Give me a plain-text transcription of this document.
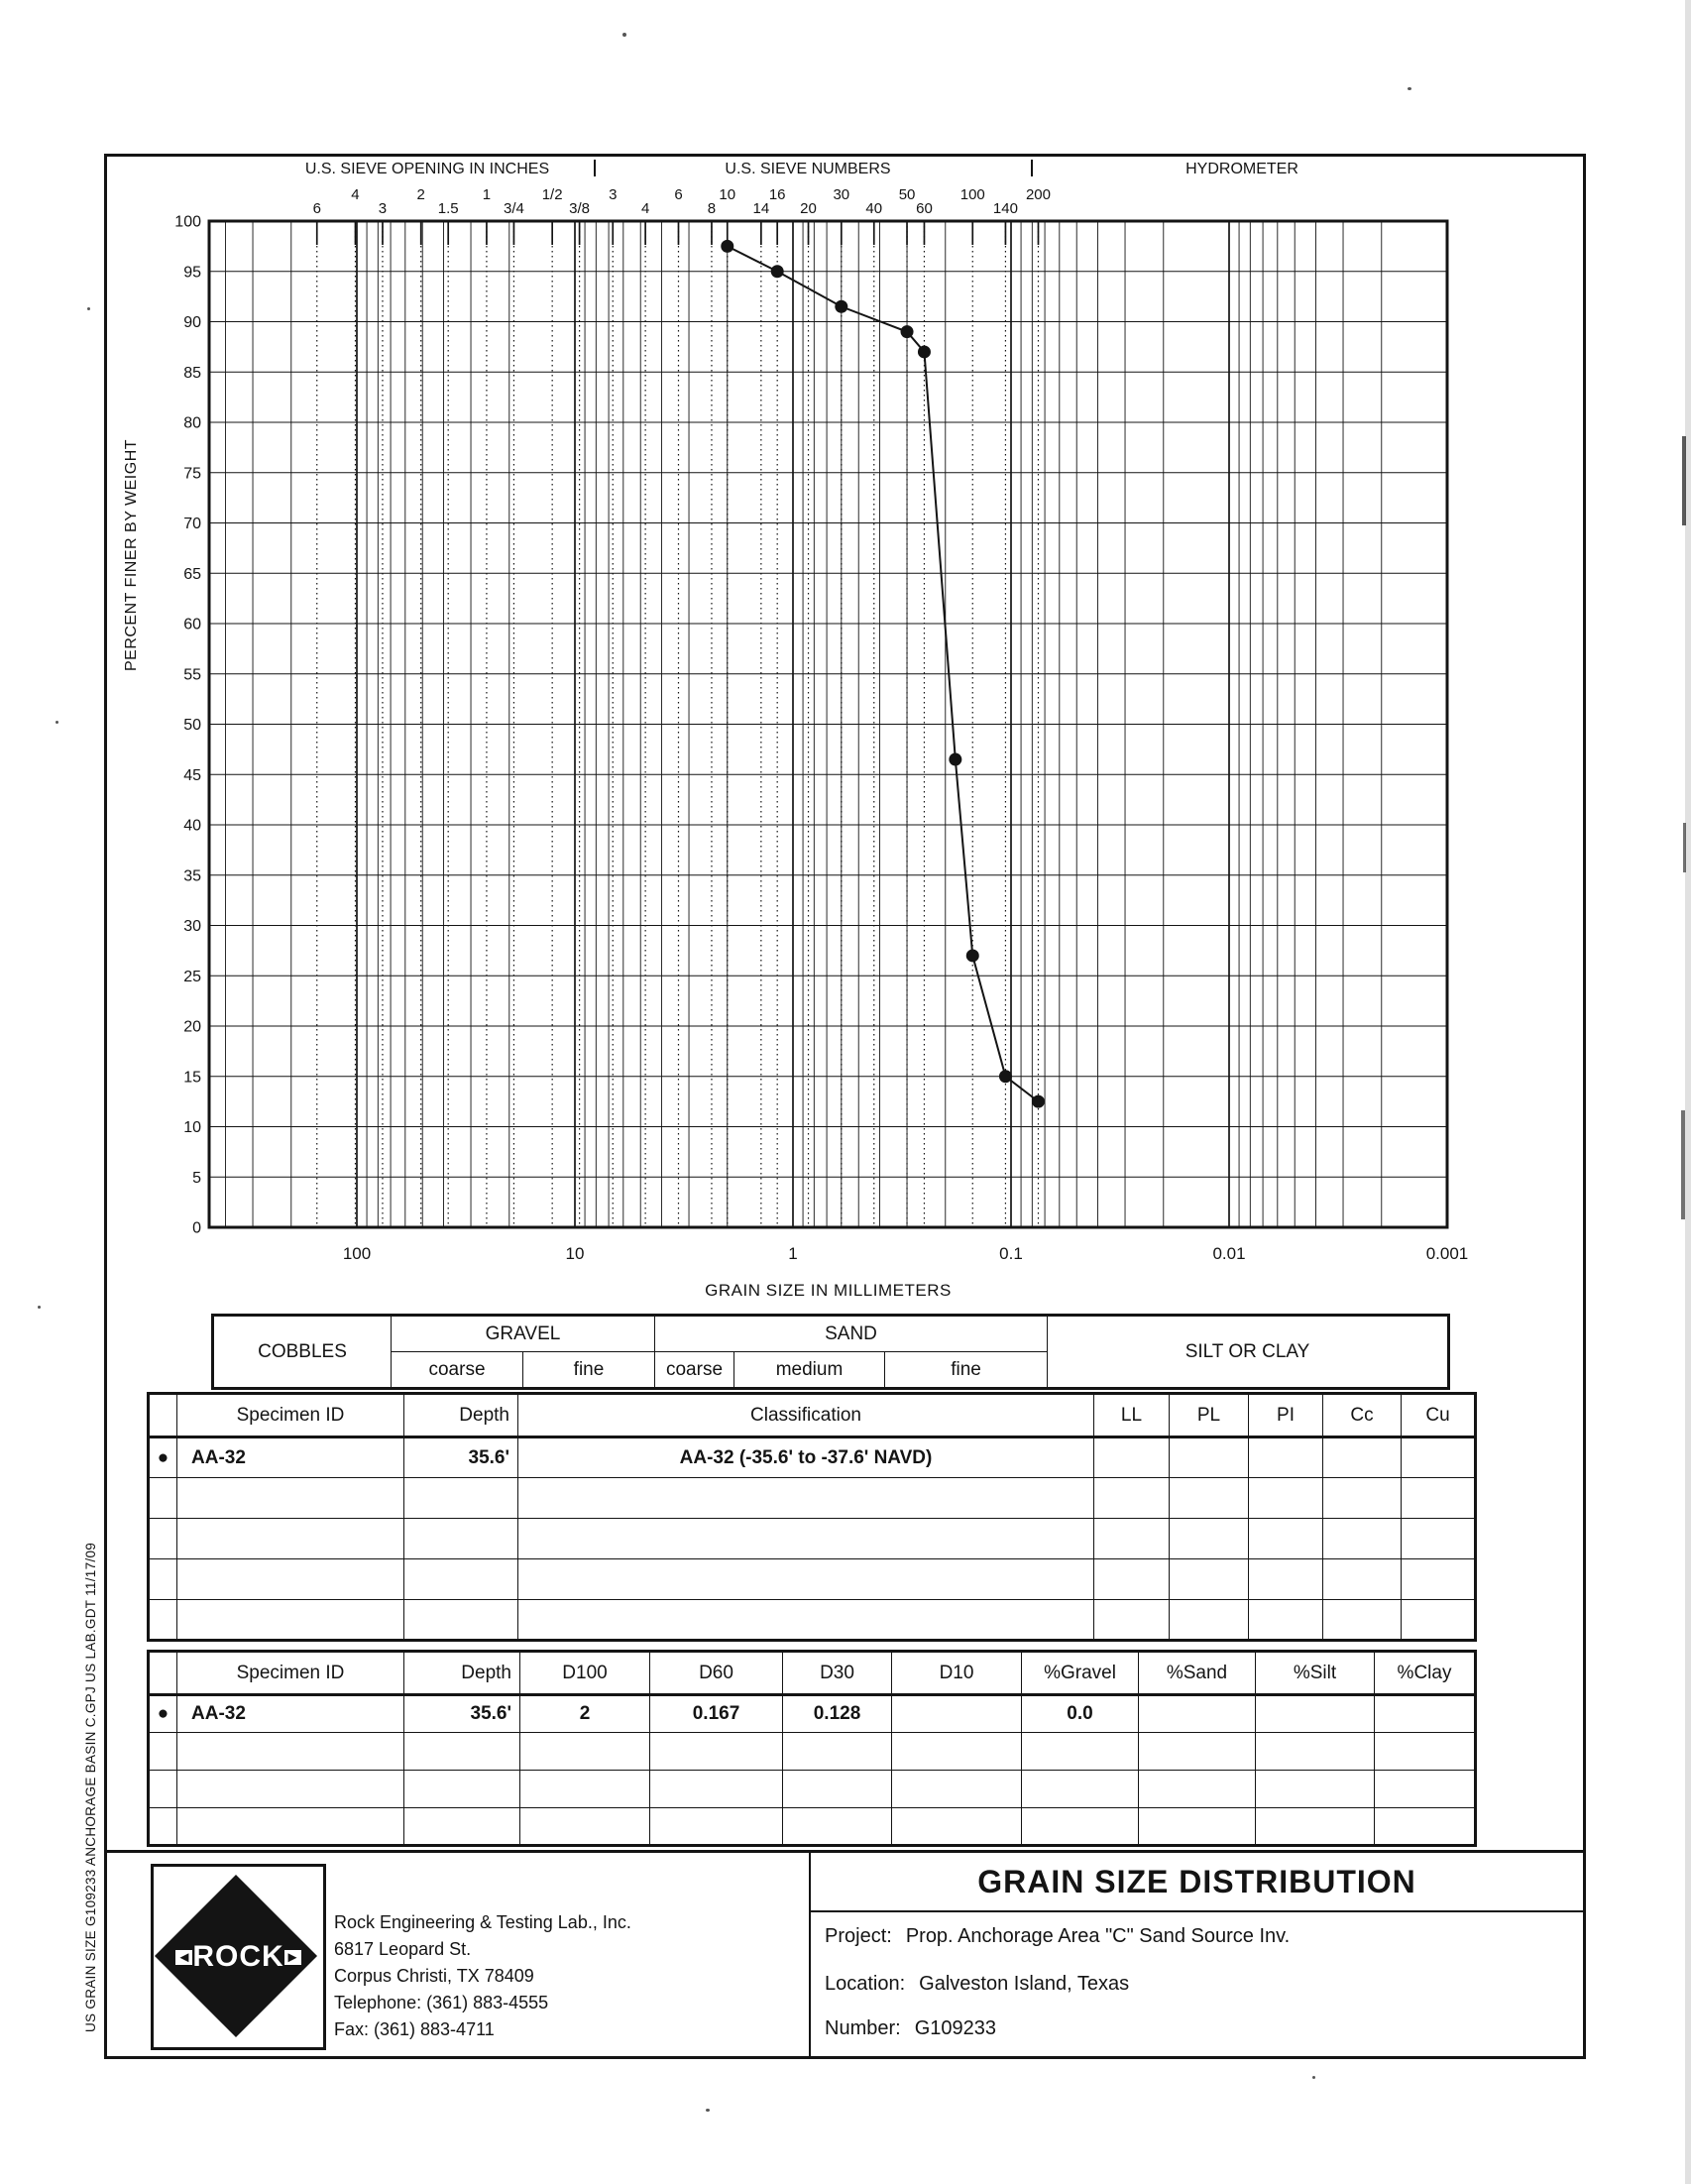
U.S. SIEVE OPENING IN INCHES	U.S. SIEVE NUMBERS	HYDROMETER
6
4
3
2
1.5
1
3/4
1/2
3/8
3
4
6
8
10
14
16
20
30
40
50
60
100
140
200
0
5
10
15
20
25
30
35
40
45
50
55
60
65
70
75
80
85
90
95
100
100	10	1	0.1	0.01	0.001
PERCENT FINER BY WEIGHT
GRAIN SIZE IN MILLIMETERS
COBBLES	GRAVEL		SAND			SILT OR CLAY
	coarse	fine	coarse	medium	fine	
	Specimen ID	Depth	Classification	LL	PL	PI	Cc	Cu
●	AA-32	35.6'	AA-32 (-35.6' to -37.6' NAVD)					

	Specimen ID	Depth	D100	D60	D30	D10	%Gravel	%Sand	%Silt	%Clay
●	AA-32	35.6'	2	0.167	0.128		0.0			

GRAIN SIZE DISTRIBUTION
Project: Prop. Anchorage Area "C" Sand Source Inv.
Location: Galveston Island, Texas
Number: G109233
◄ ROCK ►
Rock Engineering & Testing Lab., Inc.
6817 Leopard St.
Corpus Christi, TX 78409
Telephone: (361) 883-4555
Fax: (361) 883-4711
US GRAIN SIZE G109233 ANCHORAGE BASIN C.GPJ US LAB.GDT 11/17/09
